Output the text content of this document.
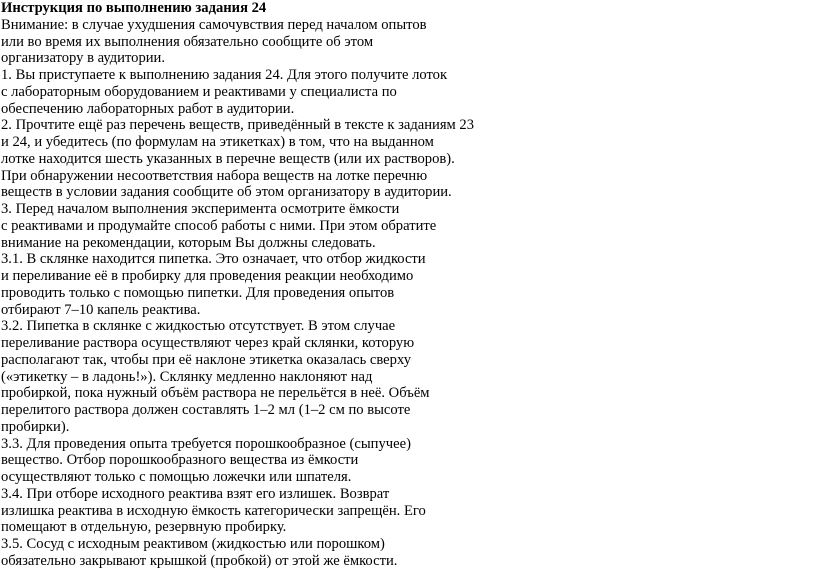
Инструкция по выполнению задания 24
Внимание: в случае ухудшения самочувствия перед началом опытов
или во время их выполнения обязательно сообщите об этом
организатору в аудитории.
1. Вы приступаете к выполнению задания 24. Для этого получите лоток
с лабораторным оборудованием и реактивами у специалиста по
обеспечению лабораторных работ в аудитории.
2. Прочтите ещё раз перечень веществ, приведённый в тексте к заданиям 23
и 24, и убедитесь (по формулам на этикетках) в том, что на выданном
лотке находится шесть указанных в перечне веществ (или их растворов).
При обнаружении несоответствия набора веществ на лотке перечню
веществ в условии задания сообщите об этом организатору в аудитории.
3. Перед началом выполнения эксперимента осмотрите ёмкости
с реактивами и продумайте способ работы с ними. При этом обратите
внимание на рекомендации, которым Вы должны следовать.
3.1. В склянке находится пипетка. Это означает, что отбор жидкости
и переливание её в пробирку для проведения реакции необходимо
проводить только с помощью пипетки. Для проведения опытов
отбирают 7–10 капель реактива.
3.2. Пипетка в склянке с жидкостью отсутствует. В этом случае
переливание раствора осуществляют через край склянки, которую
располагают так, чтобы при её наклоне этикетка оказалась сверху
(«этикетку – в ладонь!»). Склянку медленно наклоняют над
пробиркой, пока нужный объём раствора не перельётся в неё. Объём
перелитого раствора должен составлять 1–2 мл (1–2 см по высоте
пробирки).
3.3. Для проведения опыта требуется порошкообразное (сыпучее)
вещество. Отбор порошкообразного вещества из ёмкости
осуществляют только с помощью ложечки или шпателя.
3.4. При отборе исходного реактива взят его излишек. Возврат
излишка реактива в исходную ёмкость категорически запрещён. Его
помещают в отдельную, резервную пробирку.
3.5. Сосуд с исходным реактивом (жидкостью или порошком)
обязательно закрывают крышкой (пробкой) от этой же ёмкости.
